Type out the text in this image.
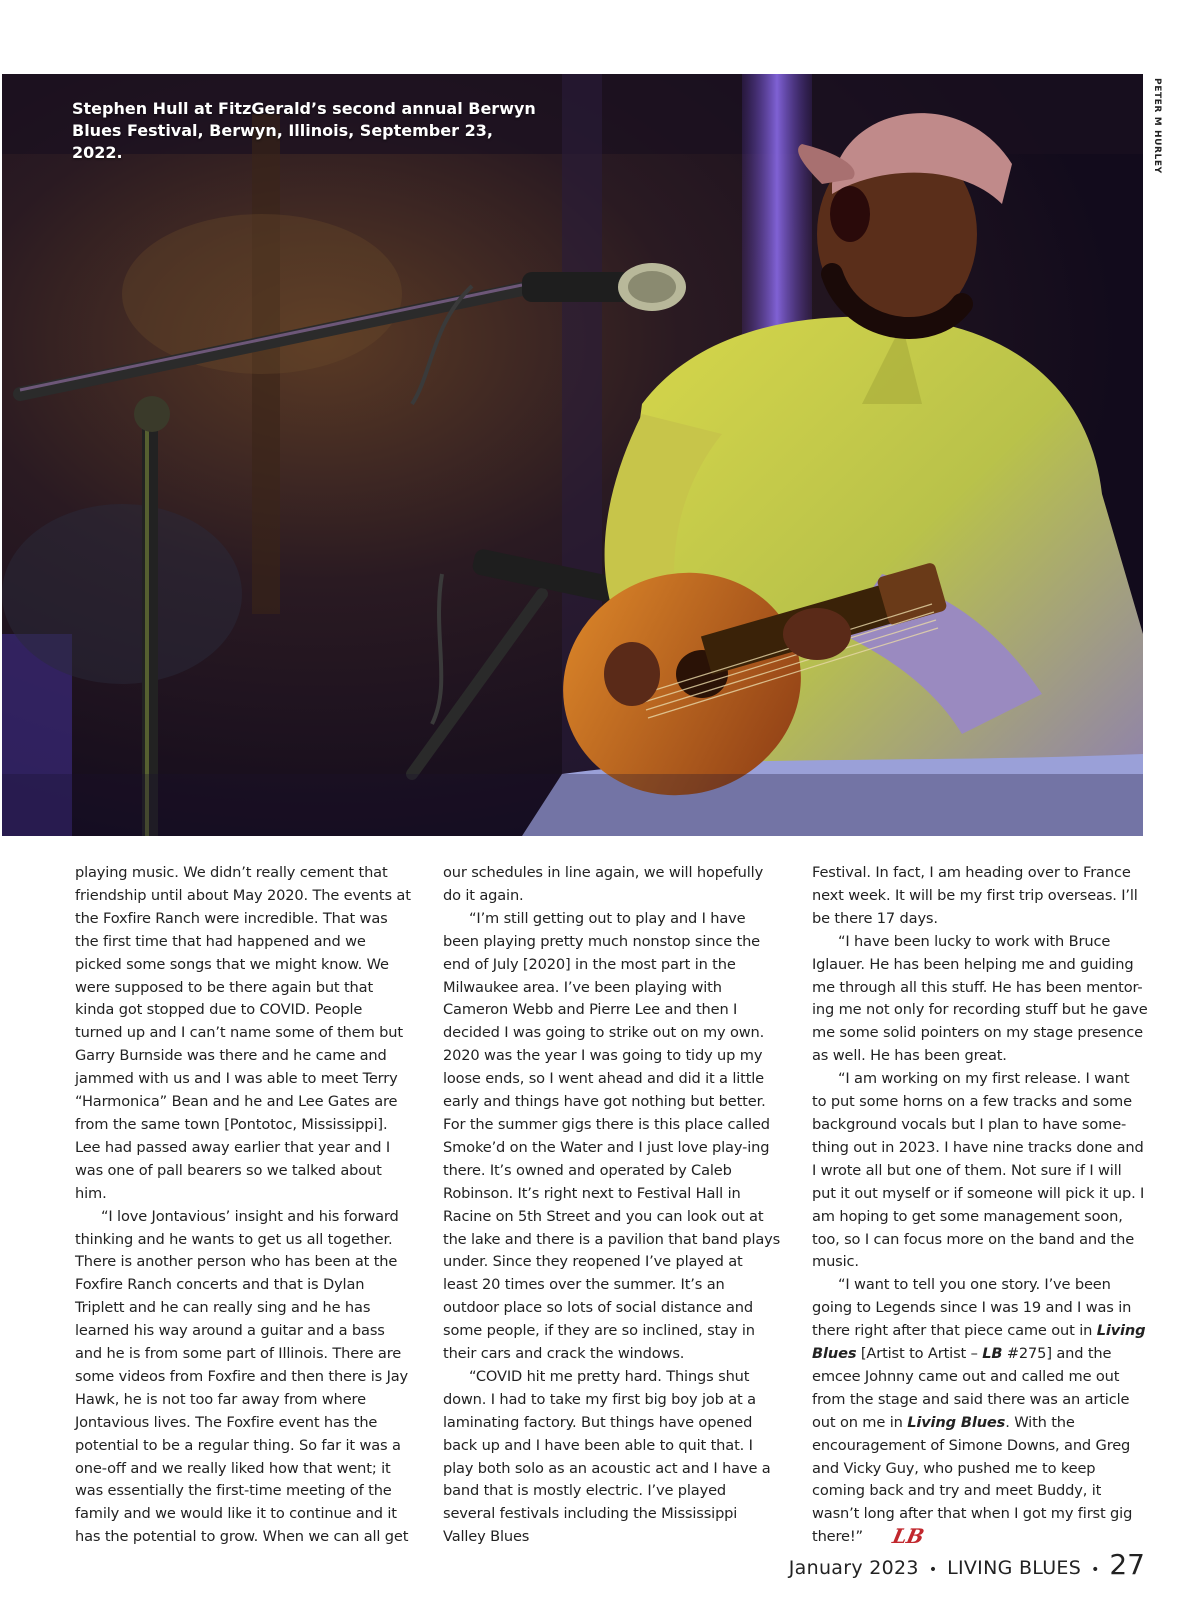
Stephen Hull at FitzGerald’s second annual Berwyn Blues Festival, Berwyn, Illinois, September 23, 2022.	PETER M HURLEY

playing music. We didn’t really cement that friendship until about May 2020. The events at the Foxfire Ranch were incredible. That was the first time that had happened and we picked some songs that we might know. We were supposed to be there again but that kinda got stopped due to COVID. People turned up and I can’t name some of them but Garry Burnside was there and he came and jammed with us and I was able to meet Terry “Harmonica” Bean and he and Lee Gates are from the same town [Pontotoc, Mississippi]. Lee had passed away earlier that year and I was one of pall bearers so we talked about him.

“I love Jontavious’ insight and his forward thinking and he wants to get us all together. There is another person who has been at the Foxfire Ranch concerts and that is Dylan Triplett and he can really sing and he has learned his way around a guitar and a bass and he is from some part of Illinois. There are some videos from Foxfire and then there is Jay Hawk, he is not too far away from where Jontavious lives. The Foxfire event has the potential to be a regular thing. So far it was a one-off and we really liked how that went; it was essentially the first-time meeting of the family and we would like it to continue and it has the potential to grow. When we can all get

our schedules in line again, we will hopefully do it again.

“I’m still getting out to play and I have been playing pretty much nonstop since the end of July [2020] in the most part in the Milwaukee area. I’ve been playing with Cameron Webb and Pierre Lee and then I decided I was going to strike out on my own. 2020 was the year I was going to tidy up my loose ends, so I went ahead and did it a little early and things have got nothing but better. For the summer gigs there is this place called Smoke’d on the Water and I just love play-ing there. It’s owned and operated by Caleb Robinson. It’s right next to Festival Hall in Racine on 5th Street and you can look out at the lake and there is a pavilion that band plays under. Since they reopened I’ve played at least 20 times over the summer. It’s an outdoor place so lots of social distance and some people, if they are so inclined, stay in their cars and crack the windows.

“COVID hit me pretty hard. Things shut down. I had to take my first big boy job at a laminating factory. But things have opened back up and I have been able to quit that. I play both solo as an acoustic act and I have a band that is mostly electric. I’ve played several festivals including the Mississippi Valley Blues

Festival. In fact, I am heading over to France next week. It will be my first trip overseas. I’ll be there 17 days.

“I have been lucky to work with Bruce Iglauer. He has been helping me and guiding me through all this stuff. He has been mentor-ing me not only for recording stuff but he gave me some solid pointers on my stage presence as well. He has been great.

“I am working on my first release. I want to put some horns on a few tracks and some background vocals but I plan to have some-thing out in 2023. I have nine tracks done and I wrote all but one of them. Not sure if I will put it out myself or if someone will pick it up. I am hoping to get some management soon, too, so I can focus more on the band and the music.

“I want to tell you one story. I’ve been going to Legends since I was 19 and I was in there right after that piece came out in Living Blues [Artist to Artist – LB #275] and the emcee Johnny came out and called me out from the stage and said there was an article out on me in Living Blues. With the encouragement of Simone Downs, and Greg and Vicky Guy, who pushed me to keep coming back and try and meet Buddy, it wasn’t long after that when I got my first gig there!” LB

January 2023 • LIVING BLUES • 27
